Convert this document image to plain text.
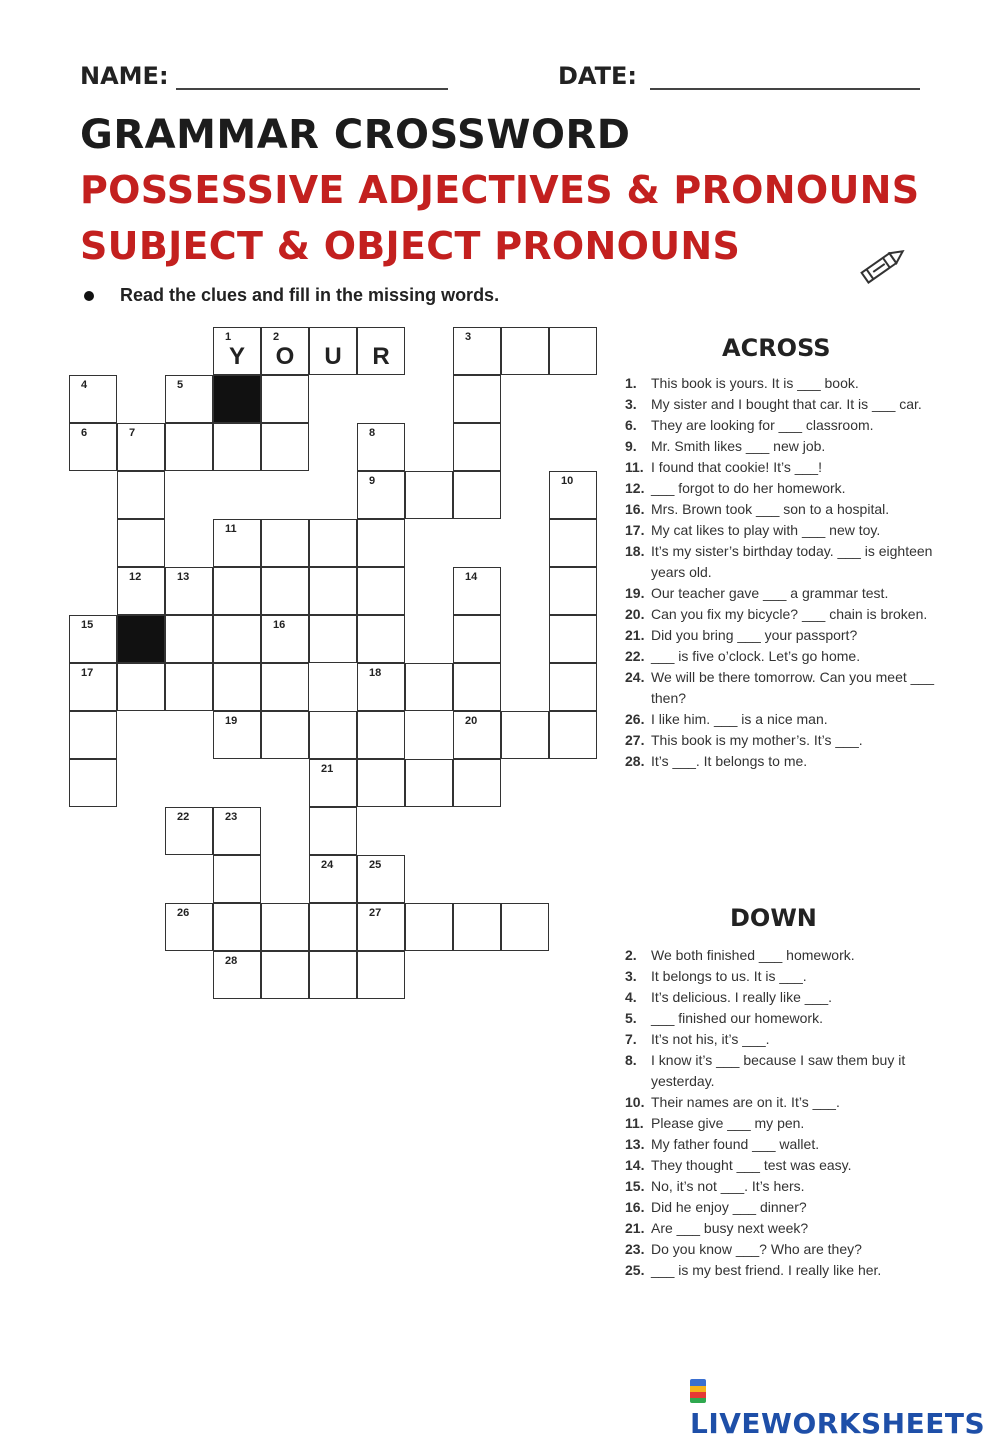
NAME:	DATE:
GRAMMAR CROSSWORD
POSSESSIVE ADJECTIVES & PRONOUNS
SUBJECT & OBJECT PRONOUNS
Read the clues and fill in the missing words.
1
Y
2
O	U	R
3
4	5
6	7	8
9	10
11
12	13	14
15	16
17	18
19	20
21
22	23
24	25
26	27
28
ACROSS
1. This book is yours. It is ___ book.
3. My sister and I bought that car. It is ___ car.
6. They are looking for ___ classroom.
9. Mr. Smith likes ___ new job.
11. I found that cookie! It’s ___!
12. ___ forgot to do her homework.
16. Mrs. Brown took ___ son to a hospital.
17. My cat likes to play with ___ new toy.
18. It’s my sister’s birthday today. ___ is eighteen years old.
19. Our teacher gave ___ a grammar test.
20. Can you fix my bicycle? ___ chain is broken.
21. Did you bring ___ your passport?
22. ___ is five o’clock. Let’s go home.
24. We will be there tomorrow. Can you meet ___ then?
26. I like him. ___ is a nice man.
27. This book is my mother’s. It’s ___.
28. It’s ___. It belongs to me.
DOWN
2. We both finished ___ homework.
3. It belongs to us. It is ___.
4. It’s delicious. I really like ___.
5. ___ finished our homework.
7. It’s not his, it’s ___.
8. I know it’s ___ because I saw them buy it yesterday.
10. Their names are on it. It’s ___.
11. Please give ___ my pen.
13. My father found ___ wallet.
14. They thought ___ test was easy.
15. No, it’s not ___. It’s hers.
16. Did he enjoy ___ dinner?
21. Are ___ busy next week?
23. Do you know ___? Who are they?
25. ___ is my best friend. I really like her.
LIVEWORKSHEETS
